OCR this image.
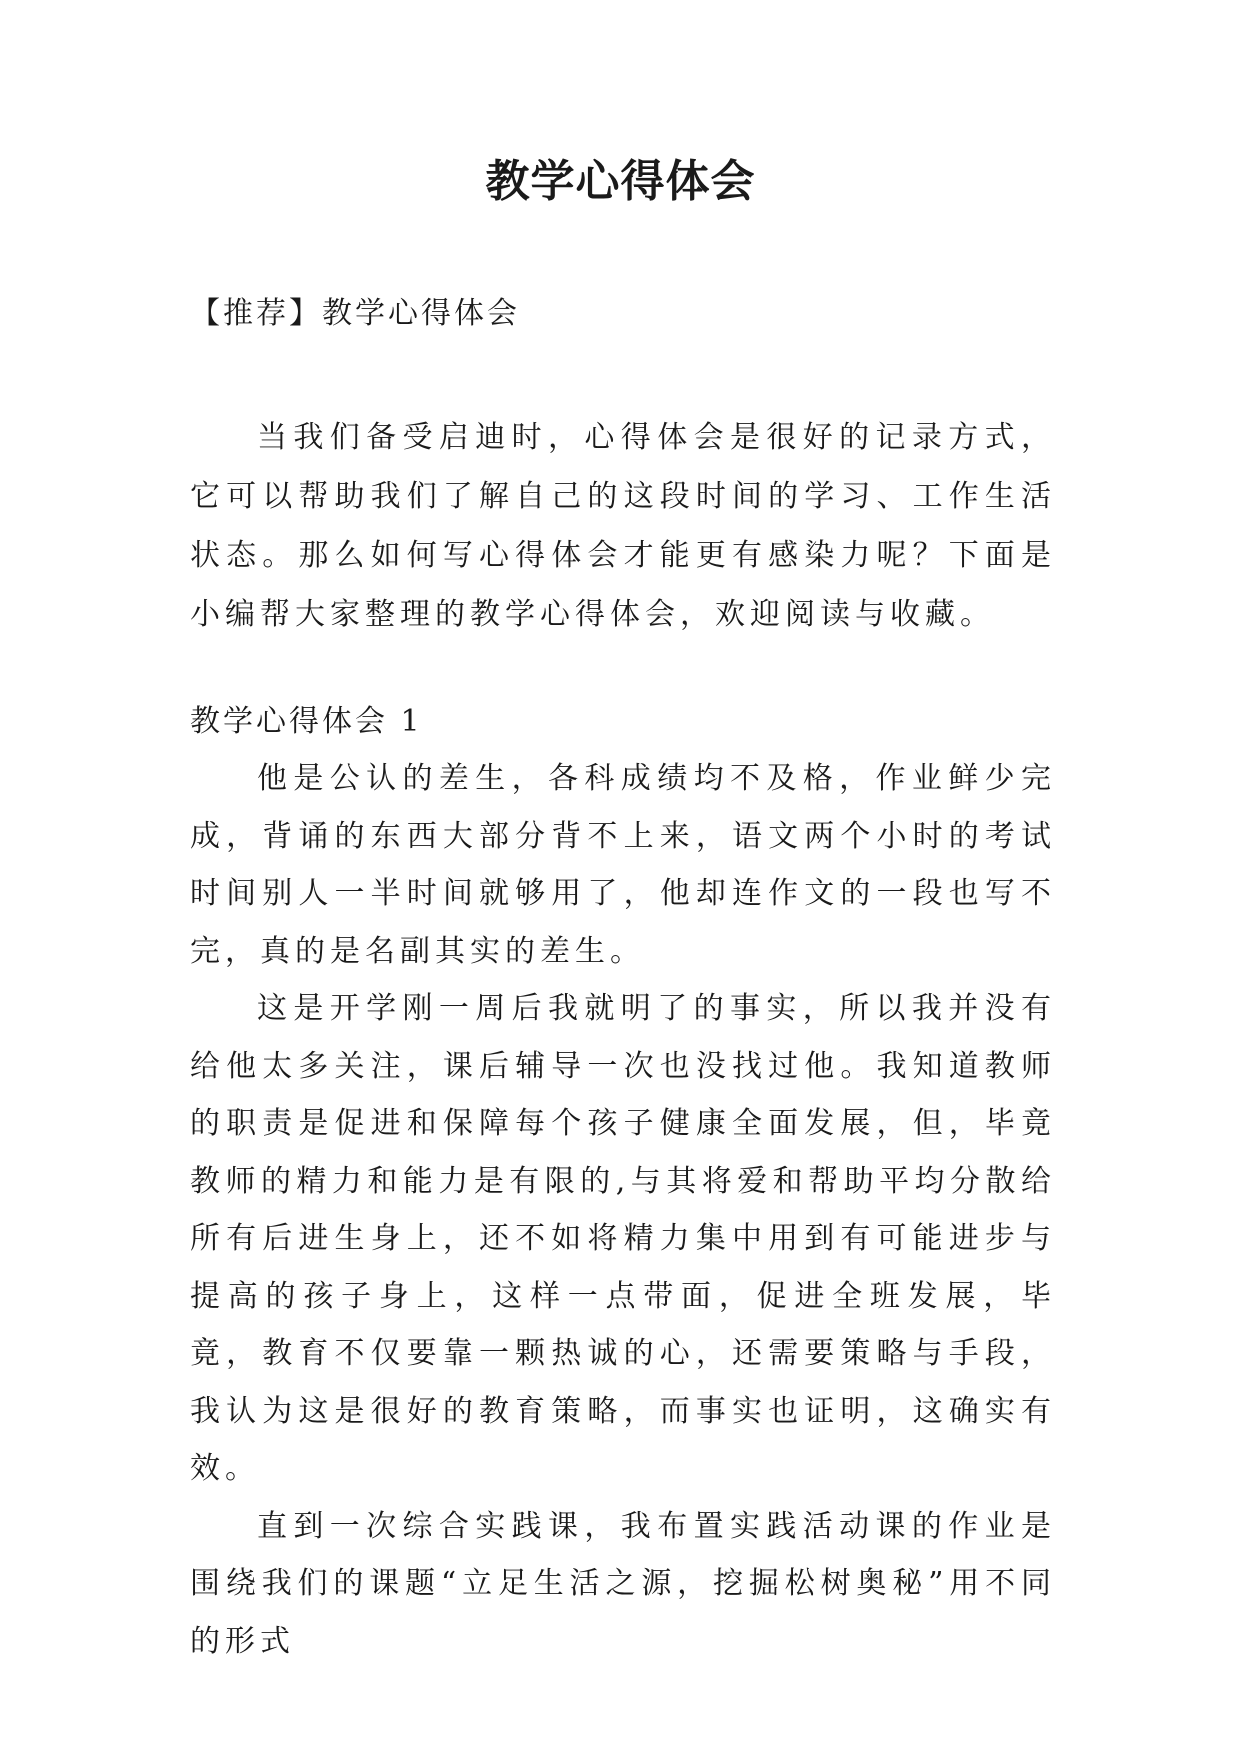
教学心得体会
【推荐】教学心得体会

当我们备受启迪时，心得体会是很好的记录方式，它可以帮助我们了解自己的这段时间的学习、工作生活状态。那么如何写心得体会才能更有感染力呢？下面是小编帮大家整理的教学心得体会，欢迎阅读与收藏。

教学心得体会 1

他是公认的差生，各科成绩均不及格，作业鲜少完成，背诵的东西大部分背不上来，语文两个小时的考试时间别人一半时间就够用了，他却连作文的一段也写不完，真的是名副其实的差生。

这是开学刚一周后我就明了的事实，所以我并没有给他太多关注，课后辅导一次也没找过他。我知道教师的职责是促进和保障每个孩子健康全面发展，但，毕竟教师的精力和能力是有限的,与其将爱和帮助平均分散给所有后进生身上，还不如将精力集中用到有可能进步与提高的孩子身上，这样一点带面，促进全班发展，毕竟，教育不仅要靠一颗热诚的心，还需要策略与手段，我认为这是很好的教育策略，而事实也证明，这确实有效。

直到一次综合实践课，我布置实践活动课的作业是围绕我们的课题“立足生活之源，挖掘松树奥秘”用不同的形式
